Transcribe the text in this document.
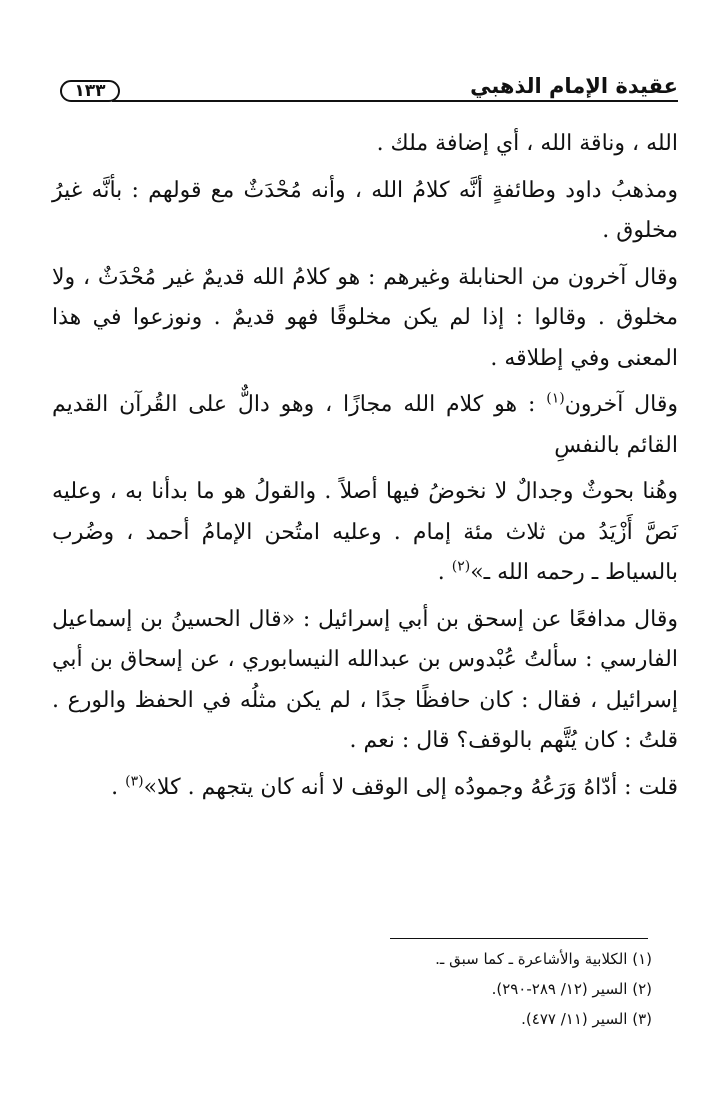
١٣٣	عقيدة الإمام الذهبي

الله ، وناقة الله ، أي إضافة ملك .

ومذهبُ داود وطائفةٍ أنَّه كلامُ الله ، وأنه مُحْدَثٌ مع قولهم : بأنَّه غيرُ مخلوق .

وقال آخرون من الحنابلة وغيرهم : هو كلامُ الله قديمٌ غير مُحْدَثٌ ، ولا مخلوق . وقالوا : إذا لم يكن مخلوقًا فهو قديمٌ . ونوزعوا في هذا المعنى وفي إطلاقه .

وقال آخرون$^{(١)}$ : هو كلام الله مجازًا ، وهو دالٌّ على القُرآن القديم القائم بالنفسِ

وهُنا بحوثٌ وجدالٌ لا نخوضُ فيها أصلاً . والقولُ هو ما بدأنا به ، وعليه نَصَّ أَزْيَدُ من ثلاث مئة إمام . وعليه امتُحن الإمامُ أحمد ، وضُرب بالسياط ـ رحمه الله ـ»$^{(٢)}$ .

وقال مدافعًا عن إسحق بن أبي إسرائيل : «قال الحسينُ بن إسماعيل الفارسي : سألتُ عُبْدوس بن عبدالله النيسابوري ، عن إسحاق بن أبي إسرائيل ، فقال : كان حافظًا جدًا ، لم يكن مثلُه في الحفظ والورع . قلتُ : كان يُتَّهم بالوقف؟ قال : نعم .

قلت : أدّاهُ وَرَعُهُ وجمودُه إلى الوقف لا أنه كان يتجهم . كلا»$^{(٣)}$ .

(١) الكلابية والأشاعرة ـ كما سبق ـ.

(٢) السير (١٢/ ٢٨٩-٢٩٠).

(٣) السير (١١/ ٤٧٧).
